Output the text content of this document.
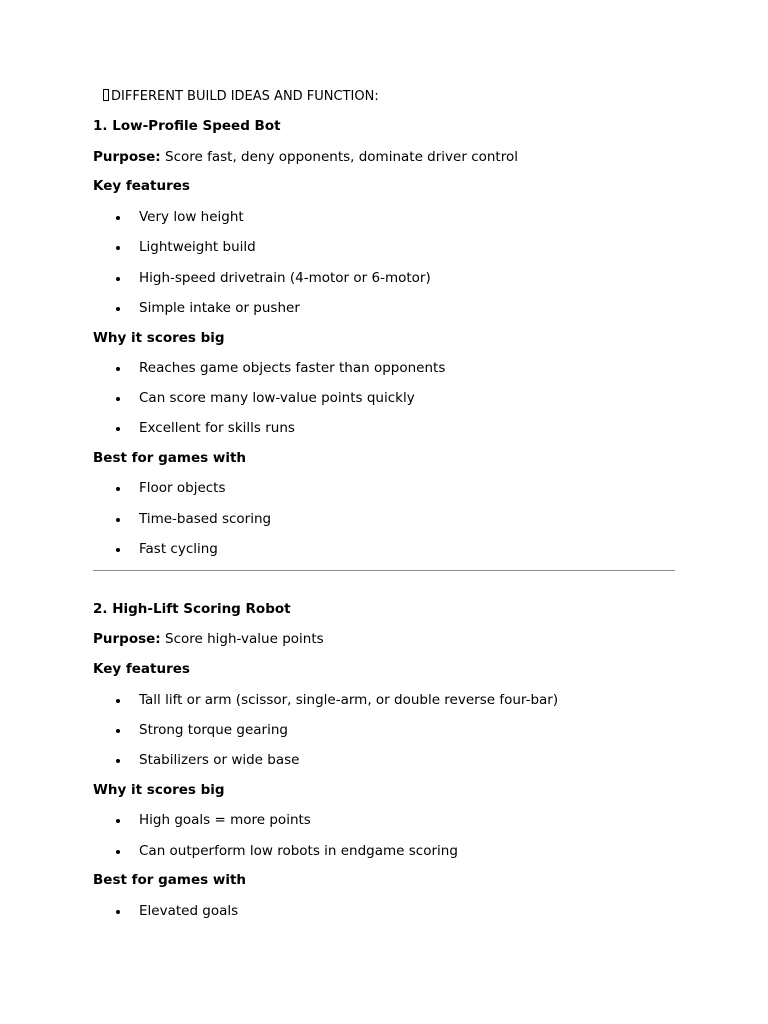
DIFFERENT BUILD IDEAS AND FUNCTION:
1. Low-Profile Speed Bot
Purpose: Score fast, deny opponents, dominate driver control
Key features
Very low height
Lightweight build
High-speed drivetrain (4-motor or 6-motor)
Simple intake or pusher
Why it scores big
Reaches game objects faster than opponents
Can score many low-value points quickly
Excellent for skills runs
Best for games with
Floor objects
Time-based scoring
Fast cycling
2. High-Lift Scoring Robot
Purpose: Score high-value points
Key features
Tall lift or arm (scissor, single-arm, or double reverse four-bar)
Strong torque gearing
Stabilizers or wide base
Why it scores big
High goals = more points
Can outperform low robots in endgame scoring
Best for games with
Elevated goals
